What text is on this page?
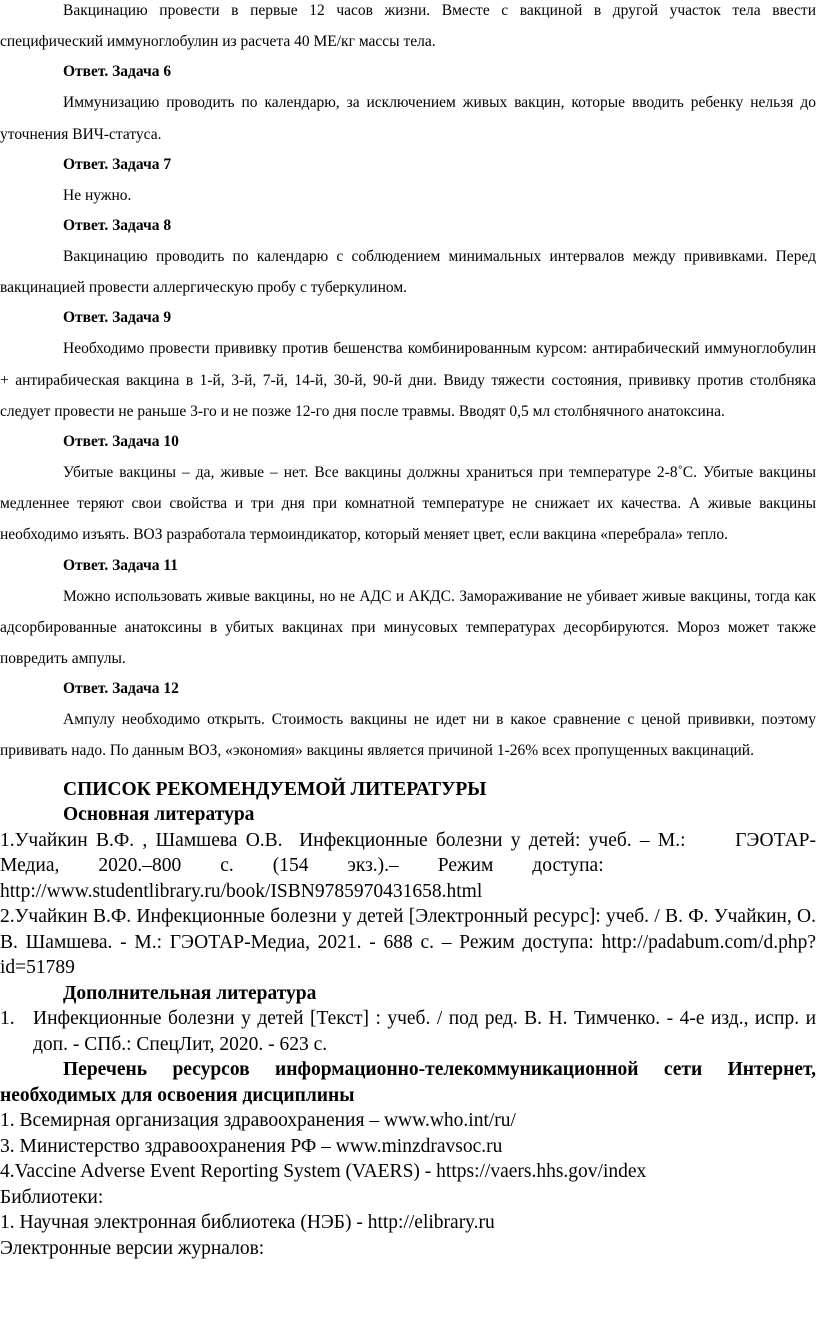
Вакцинацию провести в первые 12 часов жизни. Вместе с вакциной в другой участок тела ввести

специфический иммуноглобулин из расчета 40 МЕ/кг массы тела.

Ответ. Задача 6

Иммунизацию проводить по календарю, за исключением живых вакцин, которые вводить ребенку нельзя до уточнения ВИЧ-статуса.

Ответ. Задача 7

Не нужно.

Ответ. Задача 8

Вакцинацию проводить по календарю с соблюдением минимальных интервалов между прививками. Перед вакцинацией провести аллергическую пробу с туберкулином.

Ответ. Задача 9

Необходимо провести прививку против бешенства комбинированным курсом: антирабический иммуноглобулин + антирабическая вакцина в 1-й, 3-й, 7-й, 14-й, 30-й, 90-й дни. Ввиду тяжести состояния, прививку против столбняка следует провести не раньше 3-го и не позже 12-го дня после травмы. Вводят 0,5 мл столбнячного анатоксина.

Ответ. Задача 10

Убитые вакцины – да, живые – нет. Все вакцины должны храниться при температуре 2-8˚С. Убитые вакцины медленнее теряют свои свойства и три дня при комнатной температуре не снижает их качества. А живые вакцины необходимо изъять. ВОЗ разработала термоиндикатор, который меняет цвет, если вакцина «перебрала» тепло.

Ответ. Задача 11

Можно использовать живые вакцины, но не АДС и АКДС. Замораживание не убивает живые вакцины, тогда как адсорбированные анатоксины в убитых вакцинах при минусовых температурах десорбируются. Мороз может также повредить ампулы.

Ответ. Задача 12

Ампулу необходимо открыть. Стоимость вакцины не идет ни в какое сравнение с ценой прививки, поэтому прививать надо. По данным ВОЗ, «экономия» вакцины является причиной 1-26% всех пропущенных вакцинаций.

СПИСОК РЕКОМЕНДУЕМОЙ ЛИТЕРАТУРЫ

Основная литература

1.Учайкин В.Ф. , Шамшева О.В.  Инфекционные болезни у детей: учеб. – М.:      ГЭОТАР-

Медиа,        2020.–800        с.        (154        экз.).–        Режим        доступа:

http://www.studentlibrary.ru/book/ISBN9785970431658.html

2.Учайкин В.Ф. Инфекционные болезни у детей [Электронный ресурс]: учеб. / В. Ф. Учайкин, О. В. Шамшева. - М.: ГЭОТАР-Медиа, 2021. - 688 с. – Режим доступа: http://padabum.com/d.php?id=51789

Дополнительная литература

1. Инфекционные болезни у детей [Текст] : учеб. / под ред. В. Н. Тимченко. - 4-е изд., испр. и доп. - СПб.: СпецЛит, 2020. - 623 с.

Перечень ресурсов информационно-телекоммуникационной сети Интернет, необходимых для освоения дисциплины

1. Всемирная организация здравоохранения – www.who.int/ru/

3. Министерство здравоохранения РФ – www.minzdravsoc.ru

4.Vaccine Adverse Event Reporting System (VAERS) - https://vaers.hhs.gov/index

Библиотеки:

1. Научная электронная библиотека (НЭБ) - http://elibrary.ru

Электронные версии журналов:
